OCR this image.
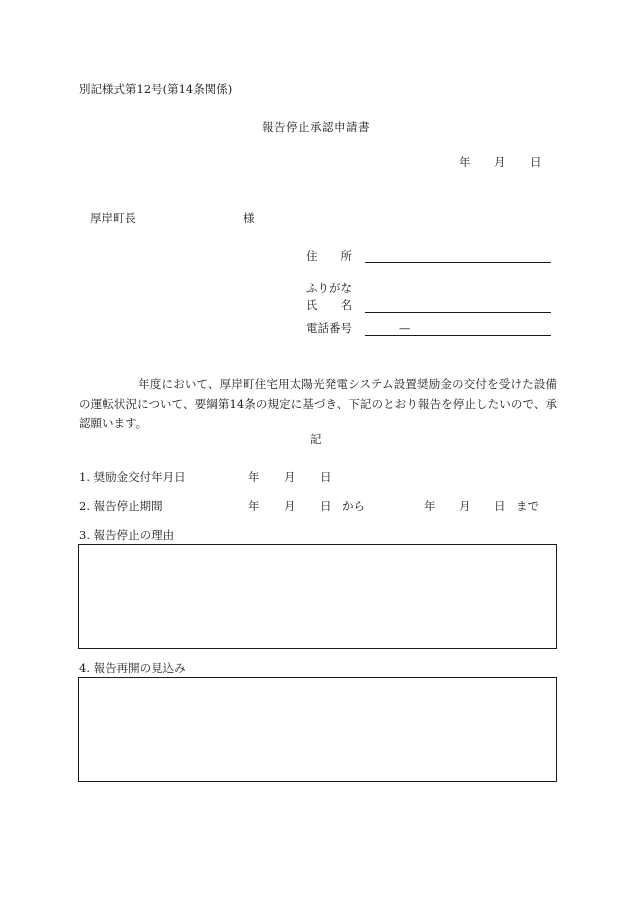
別記様式第12号(第14条関係)
報告停止承認申請書
年 月 日
厚岸町長	様
住　　所
ふりがな
氏　　名
電話番号	—
年度において、厚岸町住宅用太陽光発電システム設置奨励金の交付を受けた設備の運転状況について、要綱第14条の規定に基づき、下記のとおり報告を停止したいので、承認願います。
記
1. 奨励金交付年月日	年 月 日
2. 報告停止期間	年 月 日 から	年 月 日 まで
3. 報告停止の理由
4. 報告再開の見込み
